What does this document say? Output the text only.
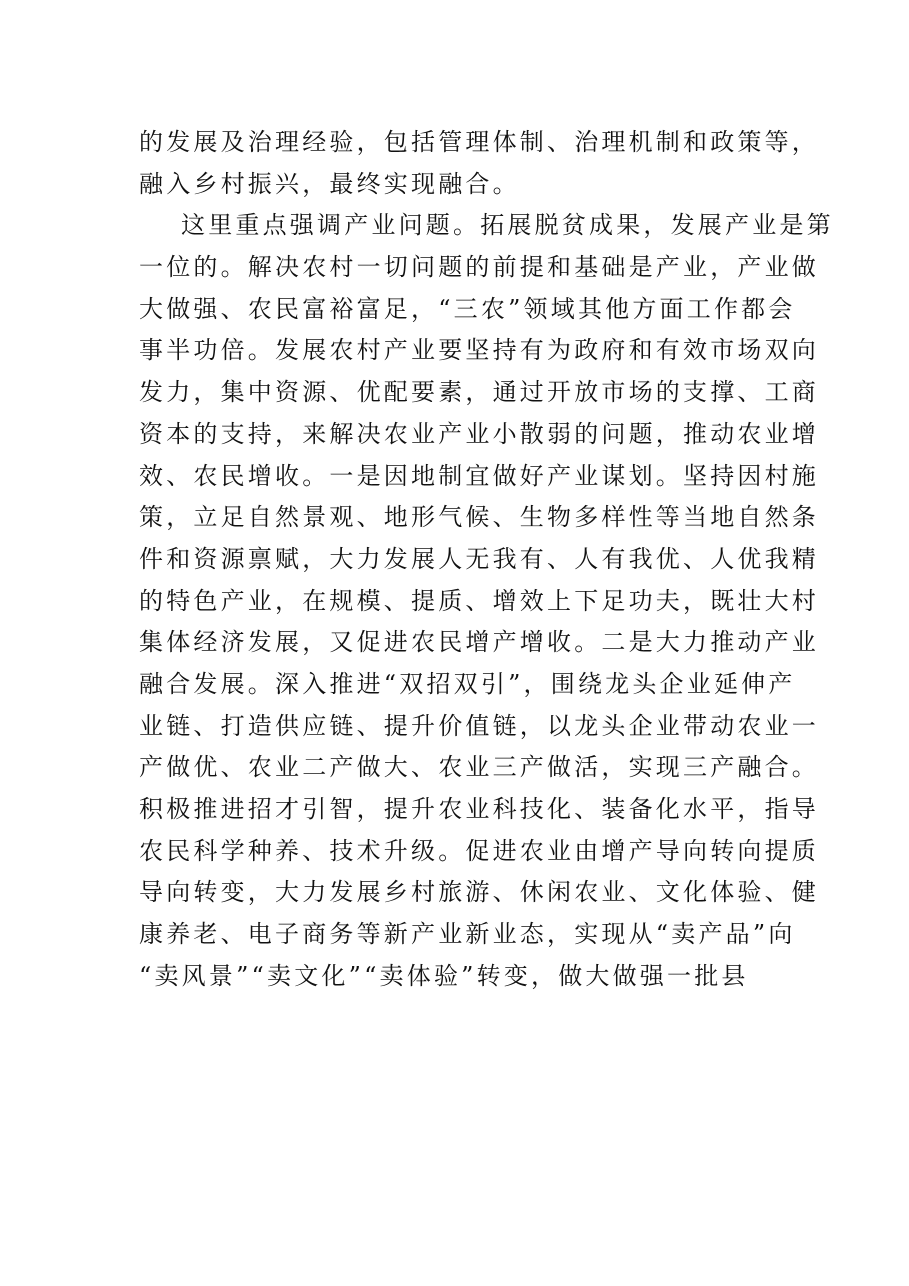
的发展及治理经验，包括管理体制、治理机制和政策等，
融入乡村振兴，最终实现融合。
这里重点强调产业问题。拓展脱贫成果，发展产业是第
一位的。解决农村一切问题的前提和基础是产业，产业做
大做强、农民富裕富足，“三农”领域其他方面工作都会
事半功倍。发展农村产业要坚持有为政府和有效市场双向
发力，集中资源、优配要素，通过开放市场的支撑、工商
资本的支持，来解决农业产业小散弱的问题，推动农业增
效、农民增收。一是因地制宜做好产业谋划。坚持因村施
策，立足自然景观、地形气候、生物多样性等当地自然条
件和资源禀赋，大力发展人无我有、人有我优、人优我精
的特色产业，在规模、提质、增效上下足功夫，既壮大村
集体经济发展，又促进农民增产增收。二是大力推动产业
融合发展。深入推进“双招双引”，围绕龙头企业延伸产
业链、打造供应链、提升价值链，以龙头企业带动农业一
产做优、农业二产做大、农业三产做活，实现三产融合。
积极推进招才引智，提升农业科技化、装备化水平，指导
农民科学种养、技术升级。促进农业由增产导向转向提质
导向转变，大力发展乡村旅游、休闲农业、文化体验、健
康养老、电子商务等新产业新业态，实现从“卖产品”向
“卖风景”“卖文化”“卖体验”转变，做大做强一批县
